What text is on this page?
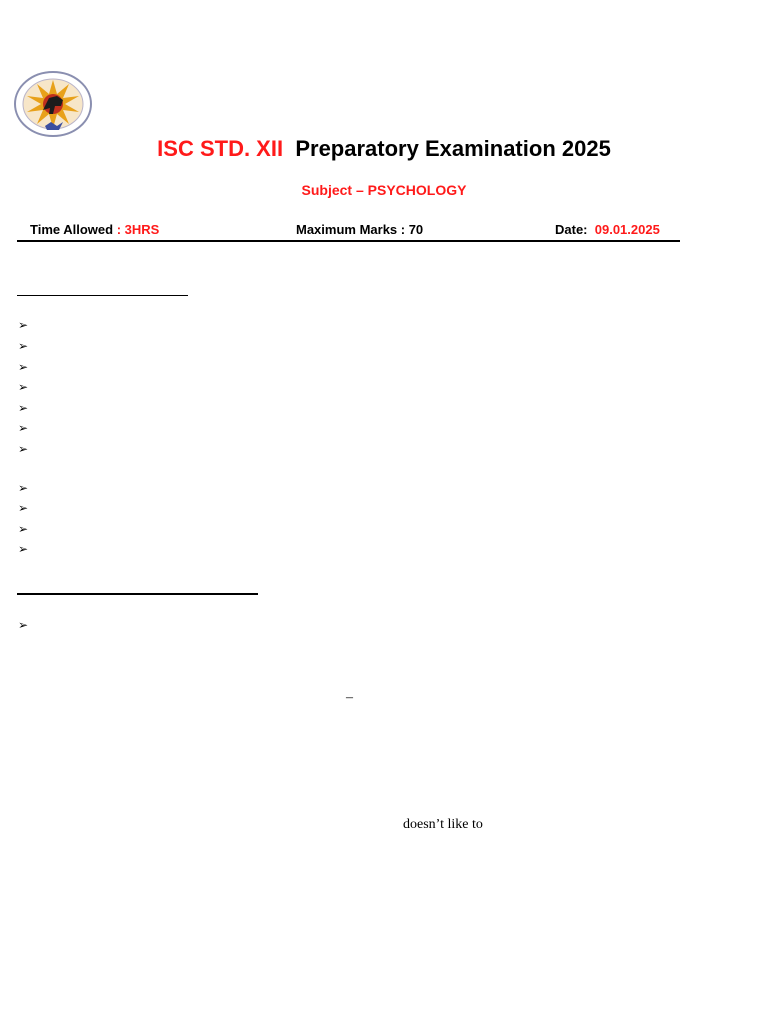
ISC STD. XII Preparatory Examination 2025
Subject – PSYCHOLOGY
Time Allowed : 3HRS	Maximum Marks : 70	Date: 09.01.2025
➢
➢
➢
➢
➢
➢
➢
➢
➢
➢
➢
➢
–
doesn’t like to
